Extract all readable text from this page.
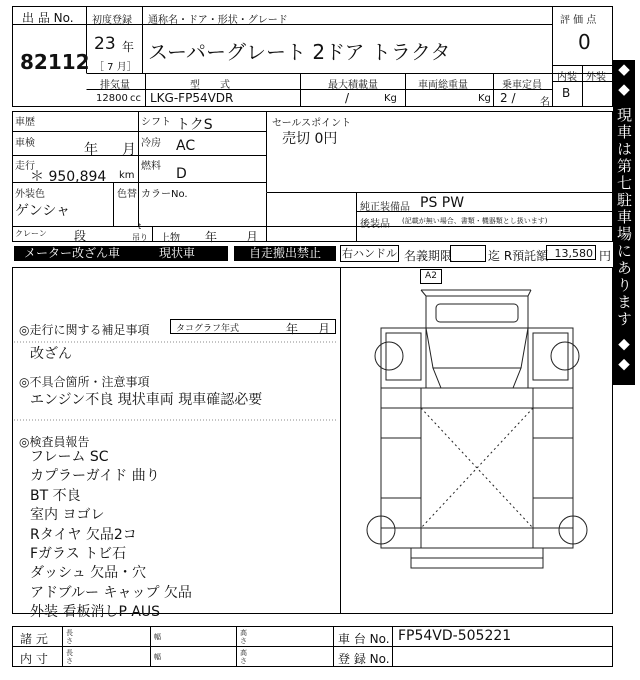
出 品 No. 初度登録 通称名・ドア・形状・グレード	評 価 点
82112
23 年
［ 7 月］
スーパーグレート 2ドア トラクタ	0
内装 外装
B
排気量	型　　式	最大積載量	車両総重量	乗車定員
12800 cc LKG-FP54VDR	/	Kg	Kg 2 / 名
車歴	シフト トクS
車検	年 月 冷房 AC
走行
＊ 950,894 km
燃料 D
外装色
ゲンシャ
色替 カラーNo.
クレーン 段
t
吊り 上物 年 月
セールスポイント
売切 0円
純正装備品 PS PW
後装品 (記載が無い場合、書類・機器類とし扱います)
メーター改ざん車	現状車	自走搬出禁止	右ハンドル 名義期限	迄 R預託額 13,580 円
◎走行に関する補足事項	タコグラフ年式	年 月
改ざん
◎不具合箇所・注意事項
エンジン不良 現状車両 現車確認必要
◎検査員報告
フレーム SC
カプラーガイド 曲り
BT 不良
室内 ヨゴレ
Rタイヤ 欠品2コ
Fガラス トビ石
ダッシュ 欠品・穴
アドブルー キャップ 欠品
外装 看板消しP AUS
A2	◆◆ 現車は第七駐車場にあります ◆◆
諸 元	長さ	幅	高さ	車 台 No. FP54VD-505221
内 寸	長さ	幅	高さ	登 録 No.
